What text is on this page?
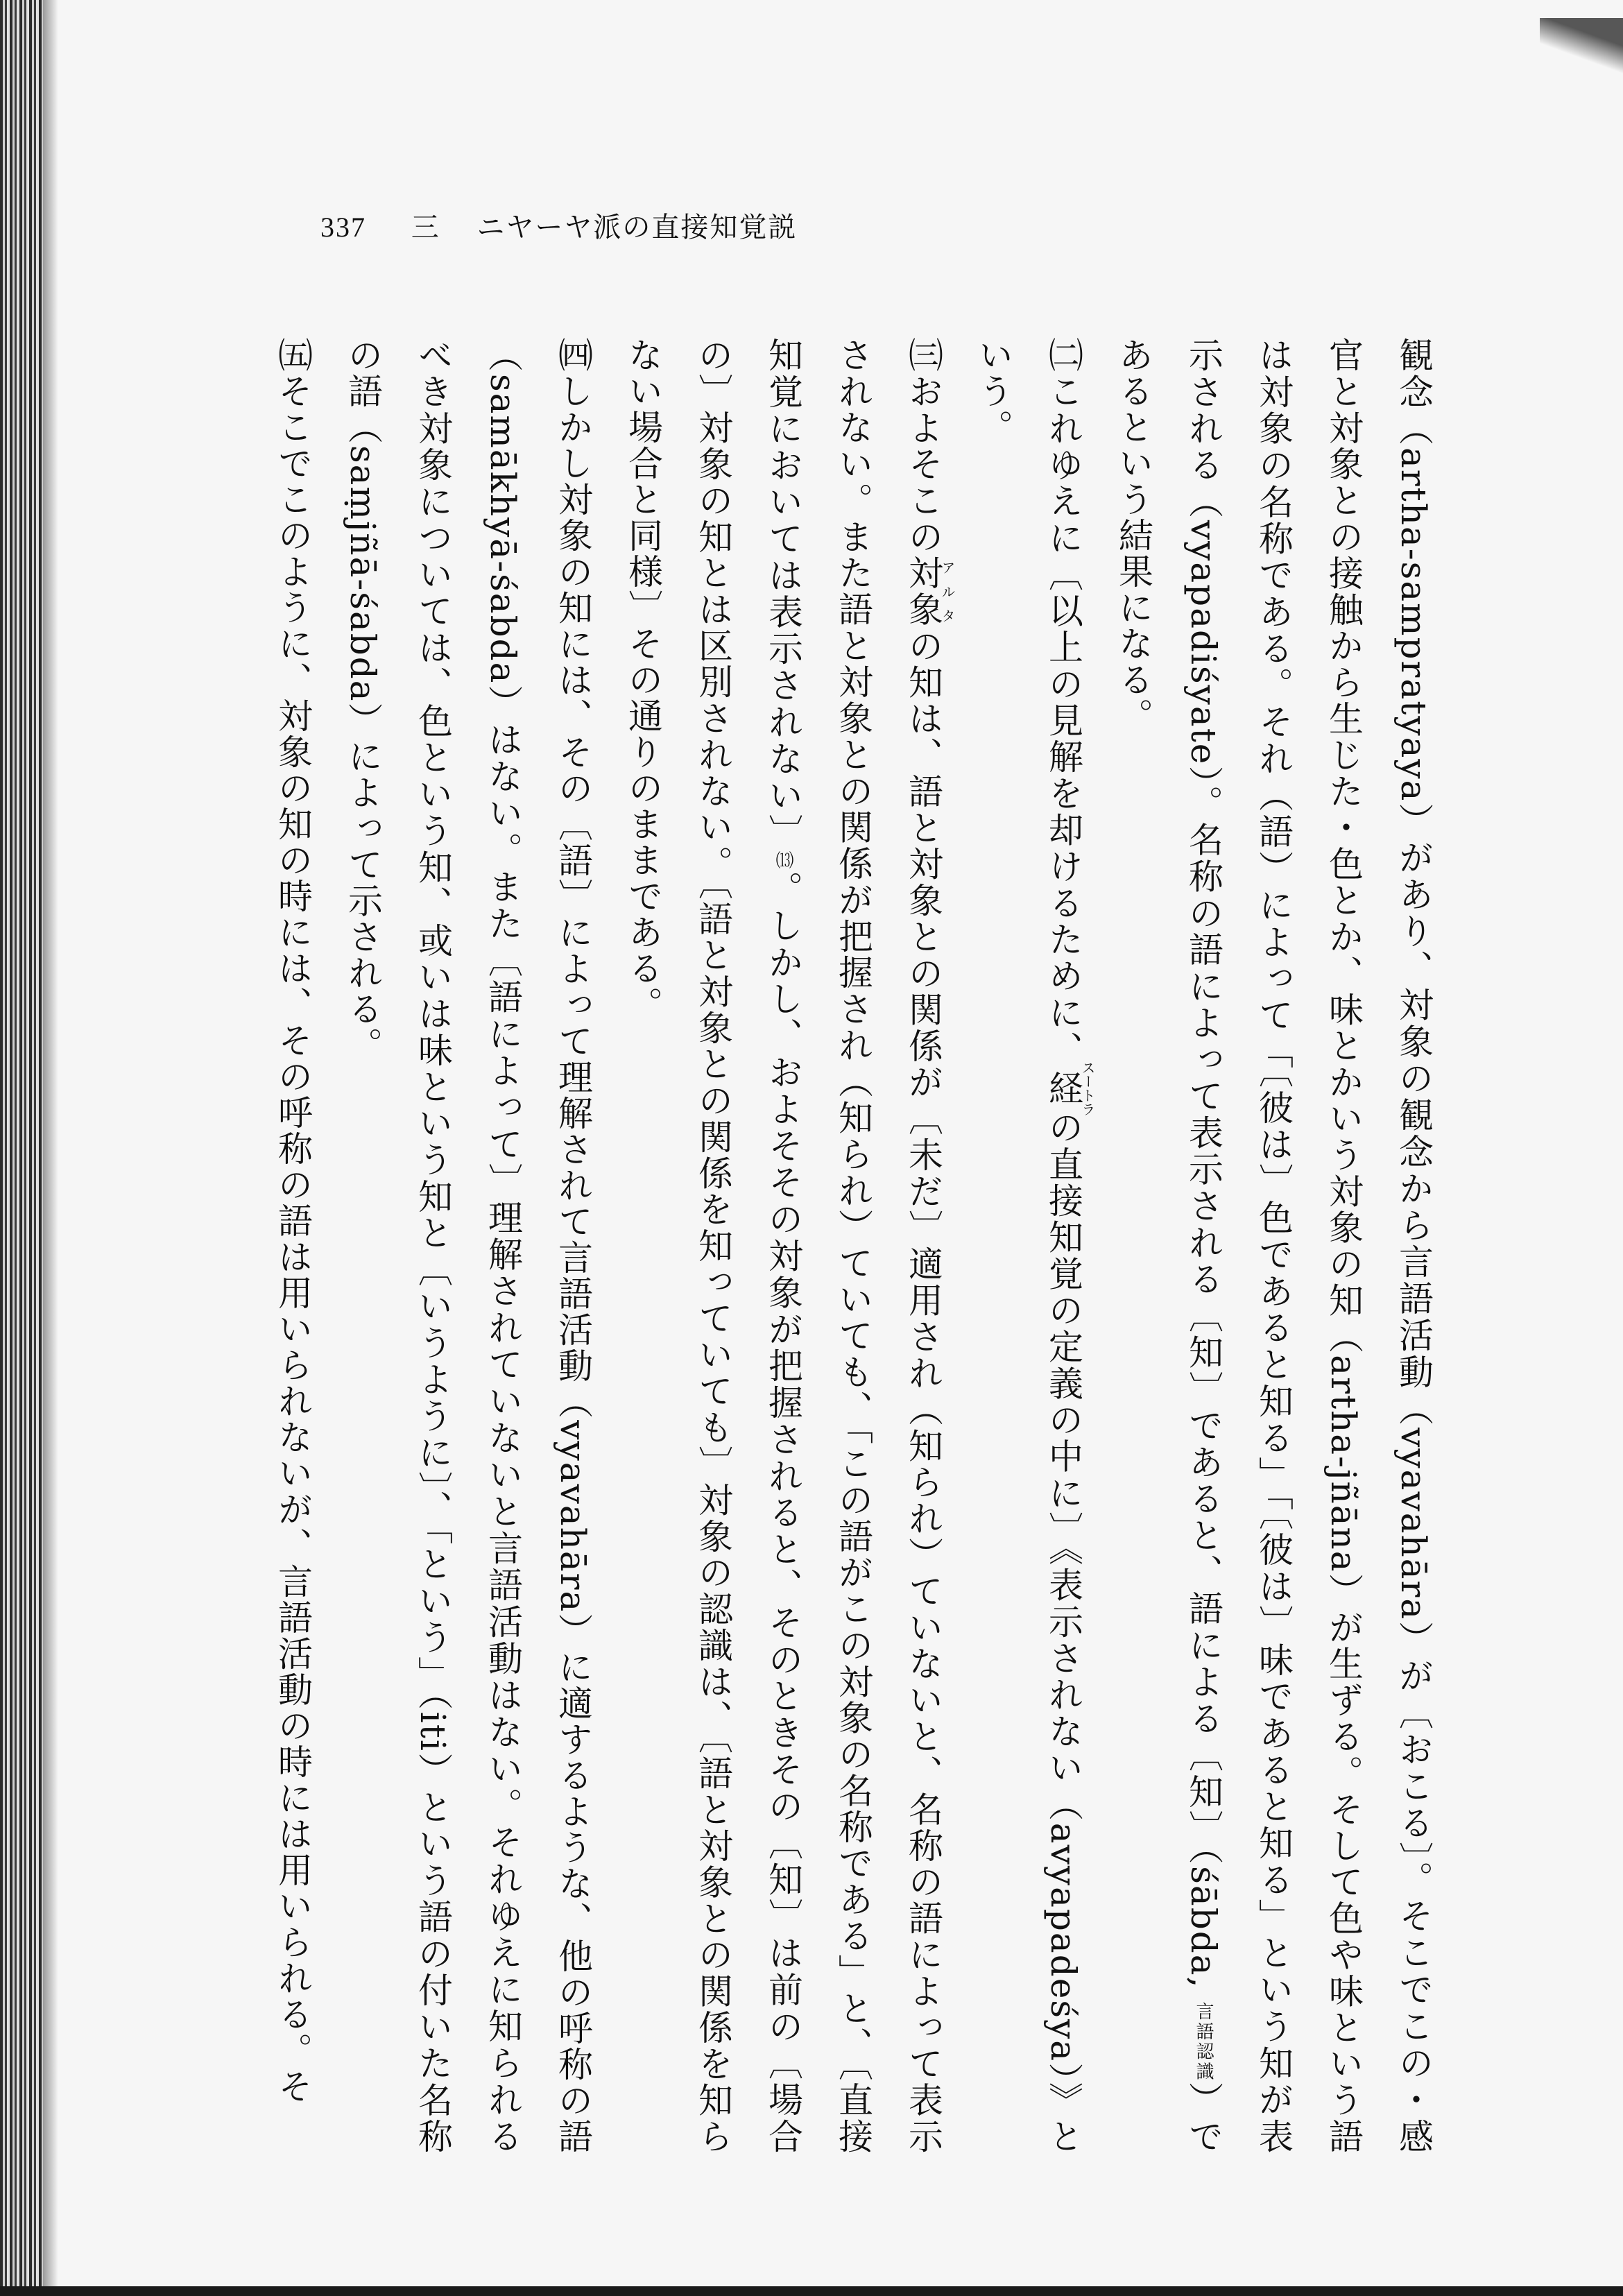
337 三 ニヤーヤ派の直接知覚説

観念（artha-sampratyaya）があり、対象の観念から言語活動（vyavahāra）が〔おこる〕。そこでこの・感官と対象との接触から生じた・色とか、味とかいう対象の知（artha-jñāna）が生ずる。そして色や味という語は対象の名称である。それ（語）によって「〔彼は〕色であると知る」「〔彼は〕味であると知る」という知が表示される（vyapadiśyate）。名称の語によって表示される〔知〕であると、語による〔知〕（śābda, 言語認識）であるという結果になる。

㈡これゆえに〔以上の見解を却けるために、経スートラの直接知覚の定義の中に〕《表示されない（avyapadeśya）》という。

㈢およそこの対象アルタの知は、語と対象との関係が〔未だ〕適用され（知られ）ていないと、名称の語によって表示されない。また語と対象との関係が把握され（知られ）ていても、「この語がこの対象の名称である」と、〔直接知覚においては表示されない〕⒀。しかし、およそその対象が把握されると、そのときその〔知〕は前の〔場合の〕対象の知とは区別されない。〔語と対象との関係を知っていても〕対象の認識は、〔語と対象との関係を知らない場合と同様〕その通りのままである。

㈣しかし対象の知には、その〔語〕によって理解されて言語活動（vyavahāra）に適するような、他の呼称の語（samākhyā-śabda）はない。また〔語によって〕理解されていないと言語活動はない。それゆえに知られるべき対象については、色という知、或いは味という知と〔いうように〕、「という」（iti）という語の付いた名称の語（saṃjñā-śabda）によって示される。

㈤そこでこのように、対象の知の時には、その呼称の語は用いられないが、言語活動の時には用いられる。そ
